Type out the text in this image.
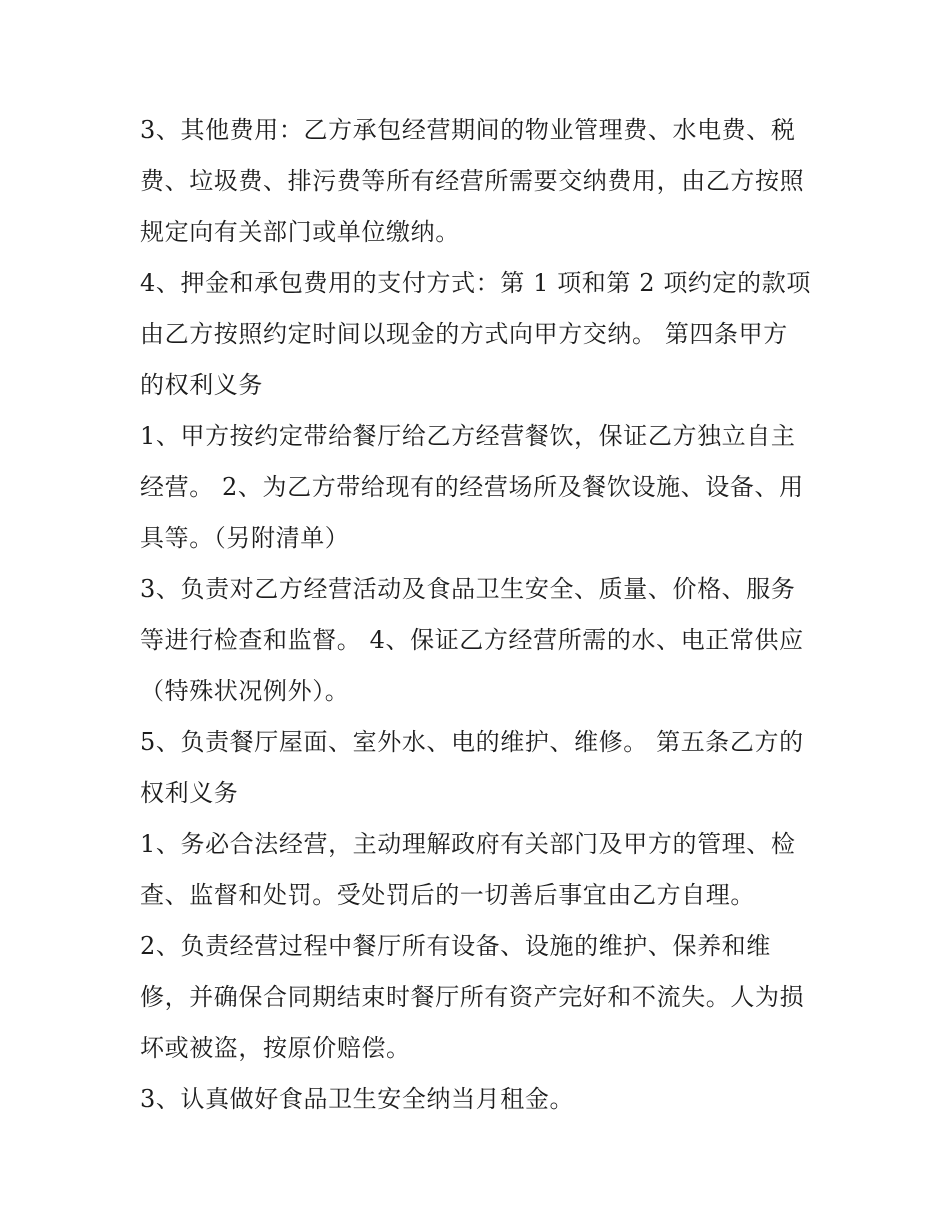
3、其他费用：乙方承包经营期间的物业管理费、水电费、税
费、垃圾费、排污费等所有经营所需要交纳费用，由乙方按照
规定向有关部门或单位缴纳。
4、押金和承包费用的支付方式：第 1 项和第 2 项约定的款项
由乙方按照约定时间以现金的方式向甲方交纳。 第四条甲方
的权利义务
1、甲方按约定带给餐厅给乙方经营餐饮，保证乙方独立自主
经营。 2、为乙方带给现有的经营场所及餐饮设施、设备、用
具等。（另附清单）
3、负责对乙方经营活动及食品卫生安全、质量、价格、服务
等进行检查和监督。 4、保证乙方经营所需的水、电正常供应
（特殊状况例外）。
5、负责餐厅屋面、室外水、电的维护、维修。 第五条乙方的
权利义务
1、务必合法经营，主动理解政府有关部门及甲方的管理、检
查、监督和处罚。受处罚后的一切善后事宜由乙方自理。
2、负责经营过程中餐厅所有设备、设施的维护、保养和维
修，并确保合同期结束时餐厅所有资产完好和不流失。人为损
坏或被盗，按原价赔偿。
3、认真做好食品卫生安全纳当月租金。
